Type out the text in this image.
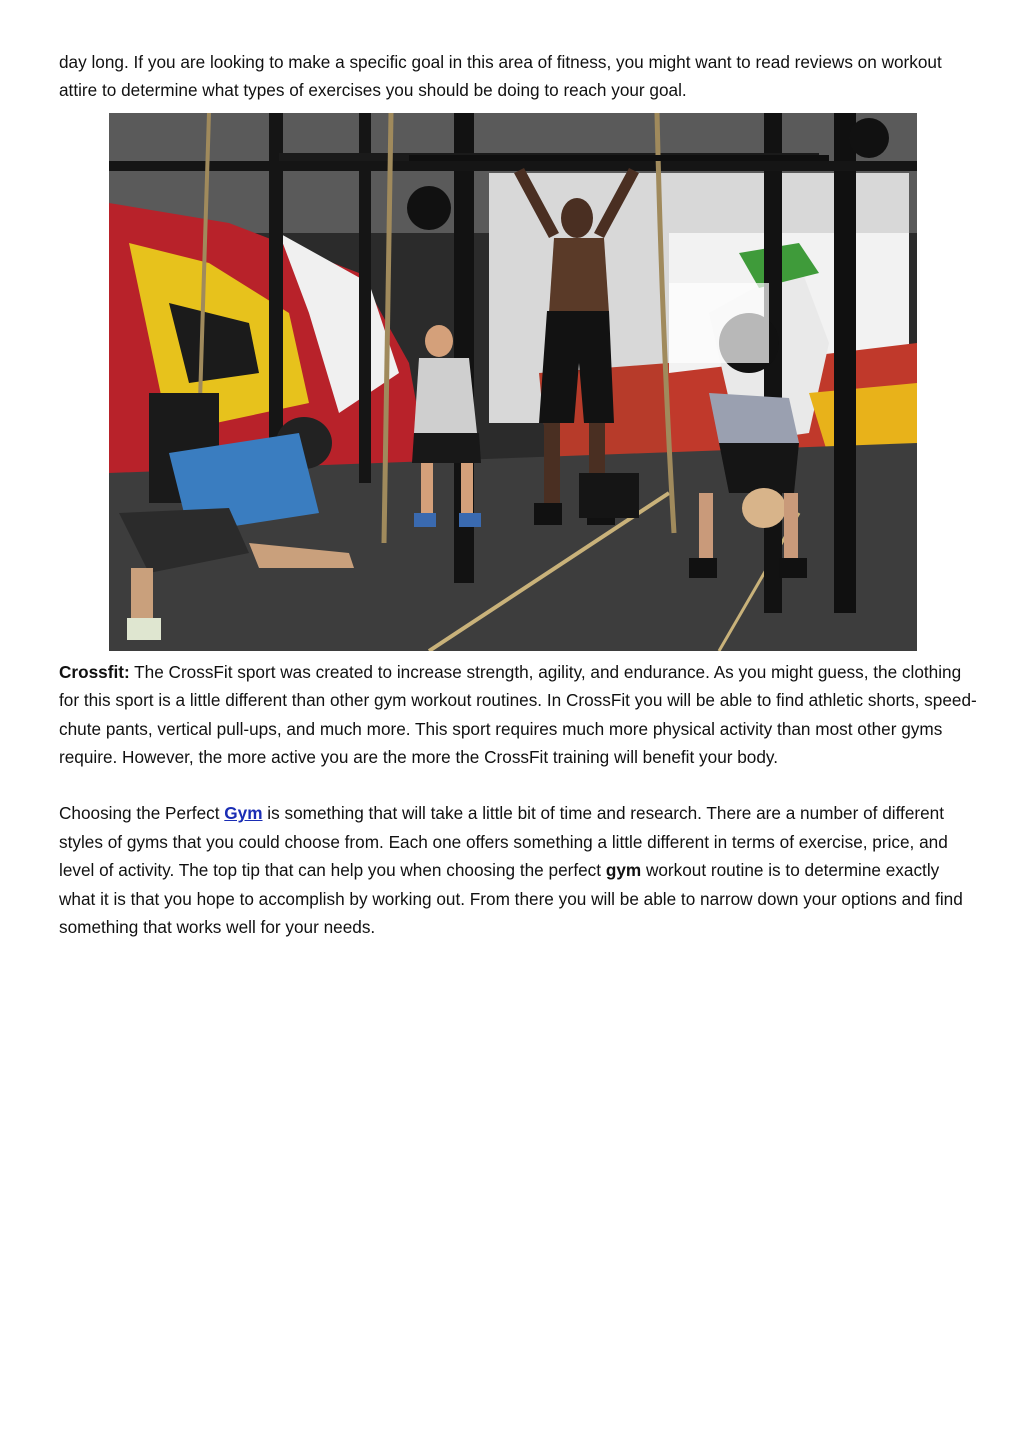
day long. If you are looking to make a specific goal in this area of fitness, you might want to read reviews on workout attire to determine what types of exercises you should be doing to reach your goal.

Crossfit: The CrossFit sport was created to increase strength, agility, and endurance. As you might guess, the clothing for this sport is a little different than other gym workout routines. In CrossFit you will be able to find athletic shorts, speed-chute pants, vertical pull-ups, and much more. This sport requires much more physical activity than most other gyms require. However, the more active you are the more the CrossFit training will benefit your body.

Choosing the Perfect Gym is something that will take a little bit of time and research. There are a number of different styles of gyms that you could choose from. Each one offers something a little different in terms of exercise, price, and level of activity. The top tip that can help you when choosing the perfect gym workout routine is to determine exactly what it is that you hope to accomplish by working out. From there you will be able to narrow down your options and find something that works well for your needs.
